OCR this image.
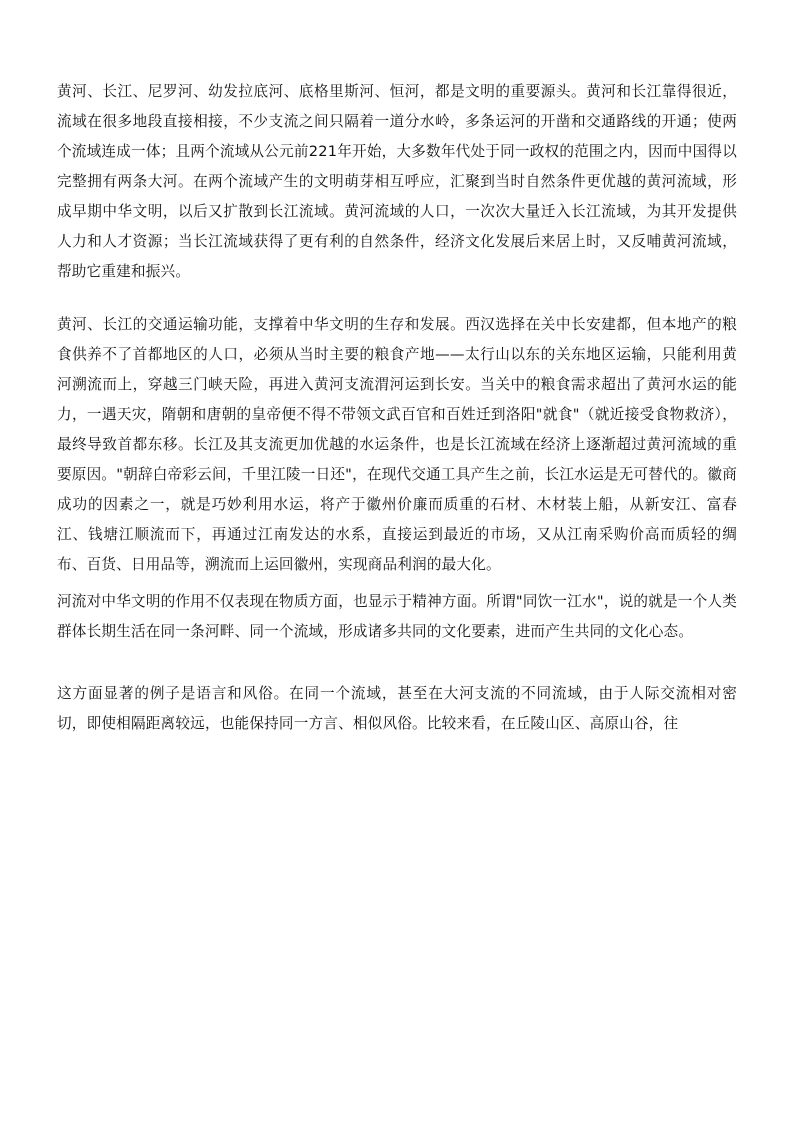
黄河、长江、尼罗河、幼发拉底河、底格里斯河、恒河，都是文明的重要源头。黄河和长江靠得很近，流域在很多地段直接相接，不少支流之间只隔着一道分水岭，多条运河的开凿和交通路线的开通；使两个流域连成一体；且两个流域从公元前221年开始，大多数年代处于同一政权的范围之内，因而中国得以完整拥有两条大河。在两个流域产生的文明萌芽相互呼应，汇聚到当时自然条件更优越的黄河流域，形成早期中华文明，以后又扩散到长江流域。黄河流域的人口，一次次大量迁入长江流域，为其开发提供人力和人才资源；当长江流域获得了更有利的自然条件，经济文化发展后来居上时，又反哺黄河流域，帮助它重建和振兴。

黄河、长江的交通运输功能，支撑着中华文明的生存和发展。西汉选择在关中长安建都，但本地产的粮食供养不了首都地区的人口，必须从当时主要的粮食产地——太行山以东的关东地区运输，只能利用黄河溯流而上，穿越三门峡天险，再进入黄河支流渭河运到长安。当关中的粮食需求超出了黄河水运的能力，一遇天灾，隋朝和唐朝的皇帝便不得不带领文武百官和百姓迁到洛阳"就食"（就近接受食物救济），最终导致首都东移。长江及其支流更加优越的水运条件，也是长江流域在经济上逐渐超过黄河流域的重要原因。"朝辞白帝彩云间，千里江陵一日还"，在现代交通工具产生之前，长江水运是无可替代的。徽商成功的因素之一，就是巧妙利用水运，将产于徽州价廉而质重的石材、木材装上船，从新安江、富春江、钱塘江顺流而下，再通过江南发达的水系，直接运到最近的市场，又从江南采购价高而质轻的绸布、百货、日用品等，溯流而上运回徽州，实现商品利润的最大化。

河流对中华文明的作用不仅表现在物质方面，也显示于精神方面。所谓"同饮一江水"，说的就是一个人类群体长期生活在同一条河畔、同一个流域，形成诸多共同的文化要素，进而产生共同的文化心态。

这方面显著的例子是语言和风俗。在同一个流域，甚至在大河支流的不同流域，由于人际交流相对密切，即使相隔距离较远，也能保持同一方言、相似风俗。比较来看，在丘陵山区、高原山谷，往
